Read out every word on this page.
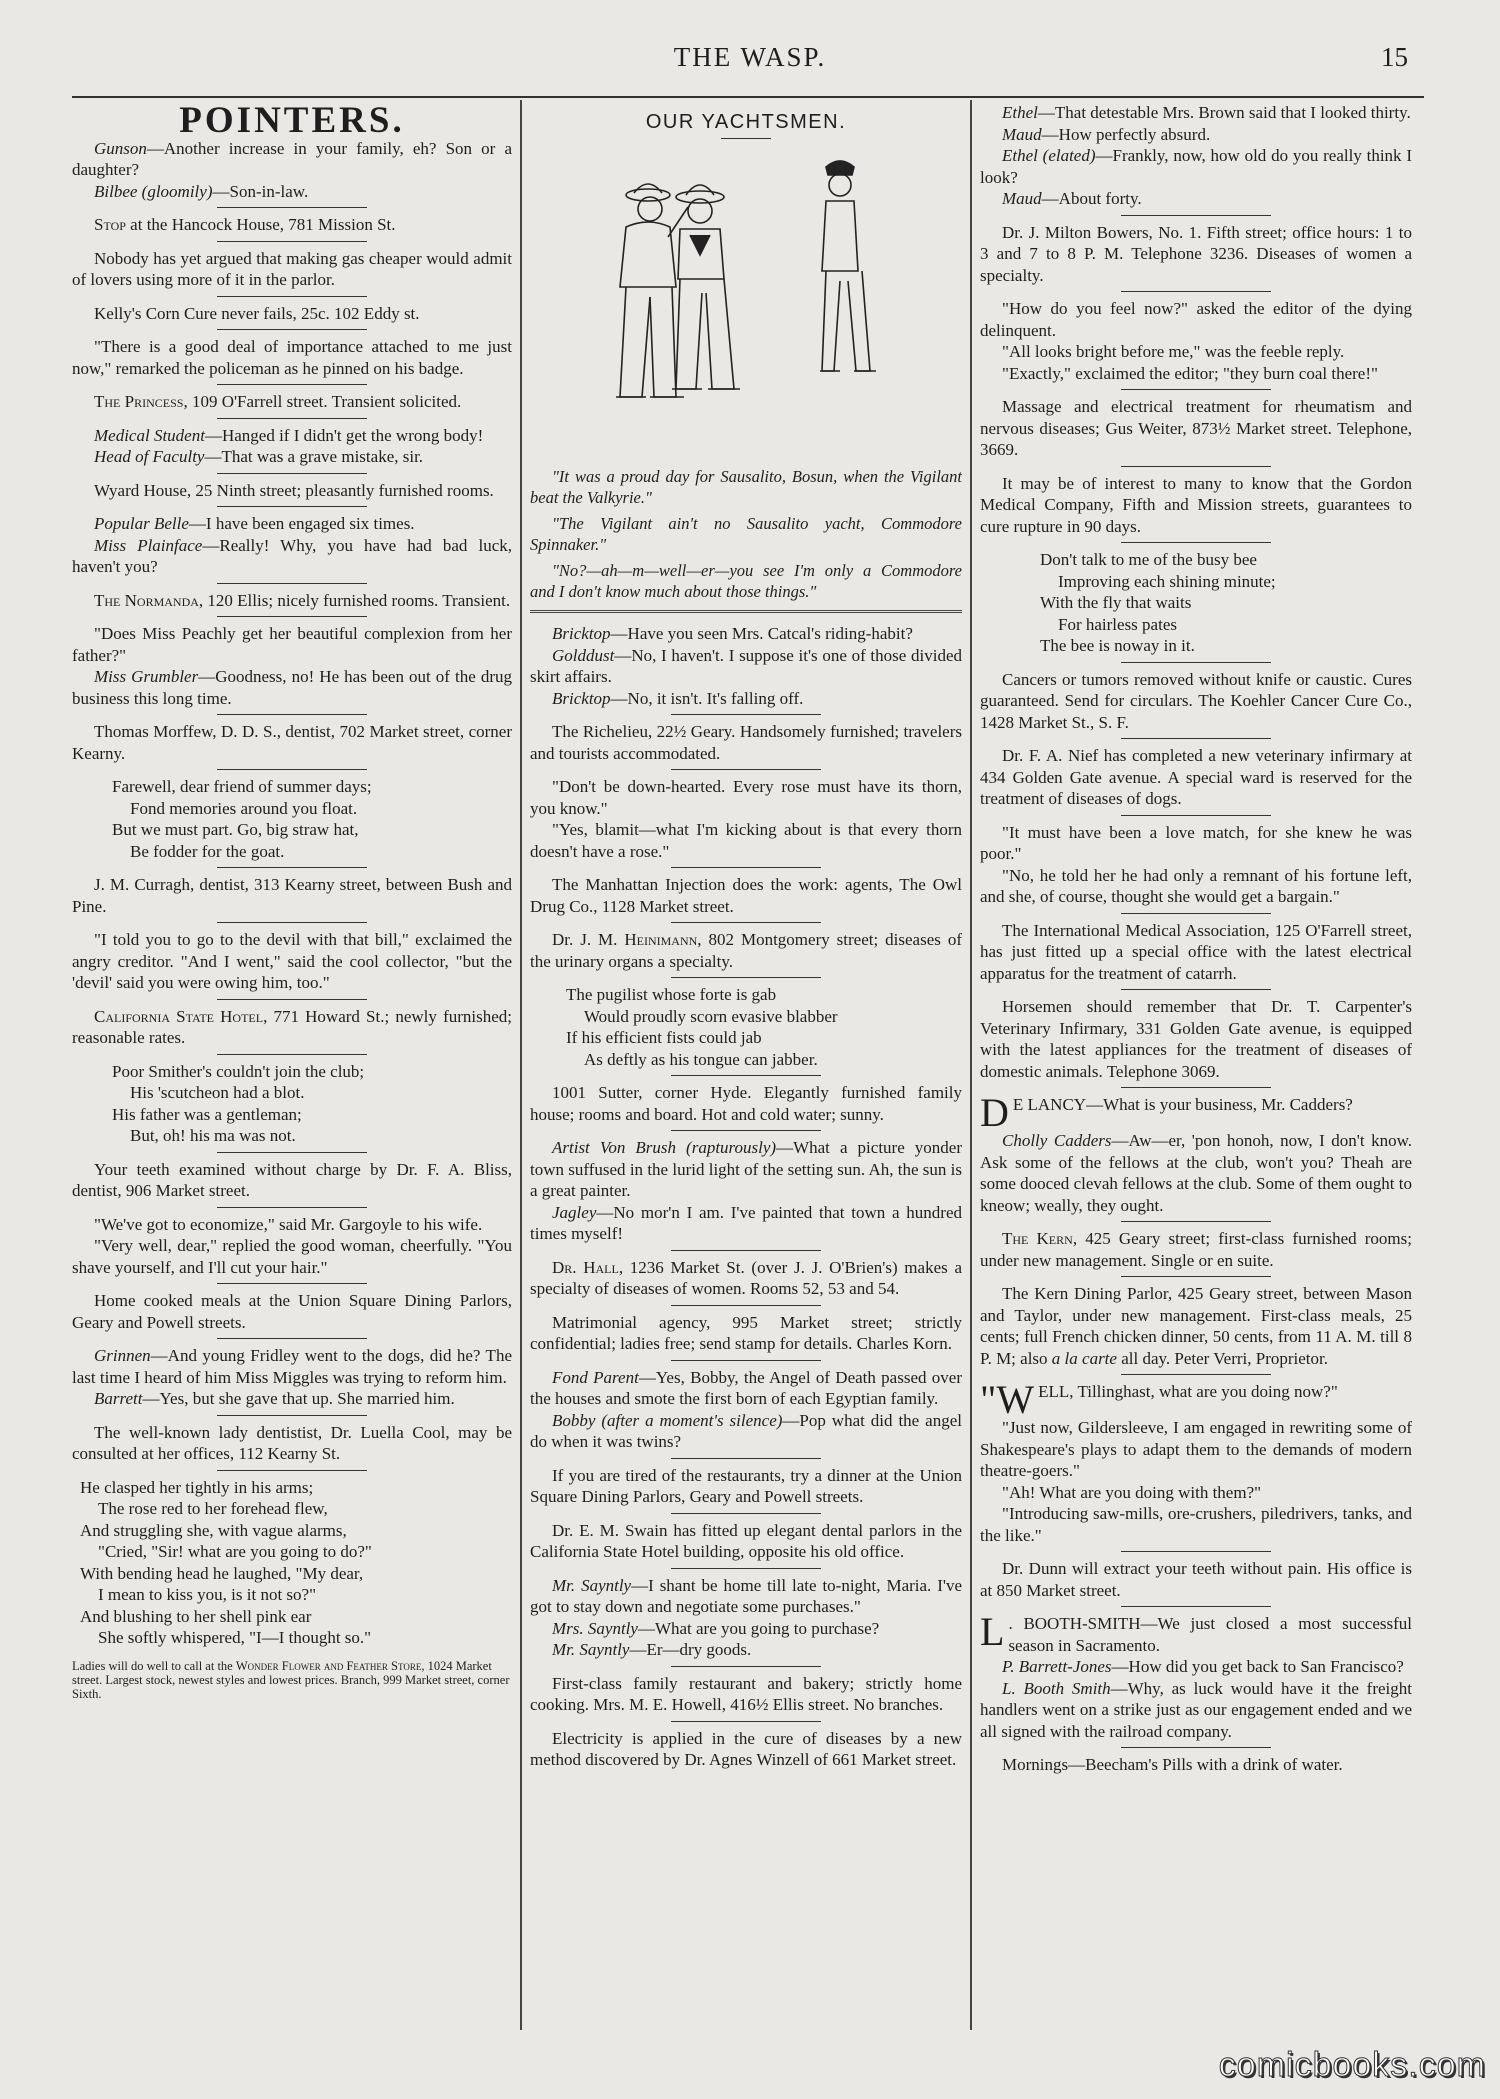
THE WASP.	15
POINTERS.

Gunson—Another increase in your family, eh? Son or a daughter?

Bilbee (gloomily)—Son-in-law.

Stop at the Hancock House, 781 Mission St.

Nobody has yet argued that making gas cheaper would admit of lovers using more of it in the parlor.

Kelly's Corn Cure never fails, 25c. 102 Eddy st.

"There is a good deal of importance attached to me just now," remarked the policeman as he pinned on his badge.

The Princess, 109 O'Farrell street. Transient solicited.

Medical Student—Hanged if I didn't get the wrong body!

Head of Faculty—That was a grave mistake, sir.

Wyard House, 25 Ninth street; pleasantly furnished rooms.

Popular Belle—I have been engaged six times.

Miss Plainface—Really! Why, you have had bad luck, haven't you?

The Normanda, 120 Ellis; nicely furnished rooms. Transient.

"Does Miss Peachly get her beautiful complexion from her father?"

Miss Grumbler—Goodness, no! He has been out of the drug business this long time.

Thomas Morffew, D. D. S., dentist, 702 Market street, corner Kearny.

Farewell, dear friend of summer days;
Fond memories around you float.
But we must part. Go, big straw hat,
Be fodder for the goat.

J. M. Curragh, dentist, 313 Kearny street, between Bush and Pine.

"I told you to go to the devil with that bill," exclaimed the angry creditor. "And I went," said the cool collector, "but the 'devil' said you were owing him, too."

California State Hotel, 771 Howard St.; newly furnished; reasonable rates.

Poor Smither's couldn't join the club;
His 'scutcheon had a blot.
His father was a gentleman;
But, oh! his ma was not.

Your teeth examined without charge by Dr. F. A. Bliss, dentist, 906 Market street.

"We've got to economize," said Mr. Gargoyle to his wife.

"Very well, dear," replied the good woman, cheerfully. "You shave yourself, and I'll cut your hair."

Home cooked meals at the Union Square Dining Parlors, Geary and Powell streets.

Grinnen—And young Fridley went to the dogs, did he? The last time I heard of him Miss Miggles was trying to reform him.

Barrett—Yes, but she gave that up. She married him.

The well-known lady dentistist, Dr. Luella Cool, may be consulted at her offices, 112 Kearny St.

He clasped her tightly in his arms;
The rose red to her forehead flew,
And struggling she, with vague alarms,
"Cried, "Sir! what are you going to do?"
With bending head he laughed, "My dear,
I mean to kiss you, is it not so?"
And blushing to her shell pink ear
She softly whispered, "I—I thought so."
Ladies will do well to call at the Wonder Flower and Feather Store, 1024 Market street. Largest stock, newest styles and lowest prices. Branch, 999 Market street, corner Sixth.
OUR YACHTSMEN.

"It was a proud day for Sausalito, Bosun, when the Vigilant beat the Valkyrie."

"The Vigilant ain't no Sausalito yacht, Commodore Spinnaker."

"No?—ah—m—well—er—you see I'm only a Commodore and I don't know much about those things."

Bricktop—Have you seen Mrs. Catcal's riding-habit?

Golddust—No, I haven't. I suppose it's one of those divided skirt affairs.

Bricktop—No, it isn't. It's falling off.

The Richelieu, 22½ Geary. Handsomely furnished; travelers and tourists accommodated.

"Don't be down-hearted. Every rose must have its thorn, you know."

"Yes, blamit—what I'm kicking about is that every thorn doesn't have a rose."

The Manhattan Injection does the work: agents, The Owl Drug Co., 1128 Market street.

Dr. J. M. Heinimann, 802 Montgomery street; diseases of the urinary organs a specialty.

The pugilist whose forte is gab
Would proudly scorn evasive blabber
If his efficient fists could jab
As deftly as his tongue can jabber.

1001 Sutter, corner Hyde. Elegantly furnished family house; rooms and board. Hot and cold water; sunny.

Artist Von Brush (rapturously)—What a picture yonder town suffused in the lurid light of the setting sun. Ah, the sun is a great painter.

Jagley—No mor'n I am. I've painted that town a hundred times myself!

Dr. Hall, 1236 Market St. (over J. J. O'Brien's) makes a specialty of diseases of women. Rooms 52, 53 and 54.

Matrimonial agency, 995 Market street; strictly confidential; ladies free; send stamp for details. Charles Korn.

Fond Parent—Yes, Bobby, the Angel of Death passed over the houses and smote the first born of each Egyptian family.

Bobby (after a moment's silence)—Pop what did the angel do when it was twins?

If you are tired of the restaurants, try a dinner at the Union Square Dining Parlors, Geary and Powell streets.

Dr. E. M. Swain has fitted up elegant dental parlors in the California State Hotel building, opposite his old office.

Mr. Sayntly—I shant be home till late to-night, Maria. I've got to stay down and negotiate some purchases."

Mrs. Sayntly—What are you going to purchase?

Mr. Sayntly—Er—dry goods.

First-class family restaurant and bakery; strictly home cooking. Mrs. M. E. Howell, 416½ Ellis street. No branches.

Electricity is applied in the cure of diseases by a new method discovered by Dr. Agnes Winzell of 661 Market street.

Ethel—That detestable Mrs. Brown said that I looked thirty.

Maud—How perfectly absurd.

Ethel (elated)—Frankly, now, how old do you really think I look?

Maud—About forty.

Dr. J. Milton Bowers, No. 1. Fifth street; office hours: 1 to 3 and 7 to 8 P. M. Telephone 3236. Diseases of women a specialty.

"How do you feel now?" asked the editor of the dying delinquent.

"All looks bright before me," was the feeble reply.

"Exactly," exclaimed the editor; "they burn coal there!"

Massage and electrical treatment for rheumatism and nervous diseases; Gus Weiter, 873½ Market street. Telephone, 3669.

It may be of interest to many to know that the Gordon Medical Company, Fifth and Mission streets, guarantees to cure rupture in 90 days.

Don't talk to me of the busy bee
Improving each shining minute;
With the fly that waits
For hairless pates
The bee is noway in it.

Cancers or tumors removed without knife or caustic. Cures guaranteed. Send for circulars. The Koehler Cancer Cure Co., 1428 Market St., S. F.

Dr. F. A. Nief has completed a new veterinary infirmary at 434 Golden Gate avenue. A special ward is reserved for the treatment of diseases of dogs.

"It must have been a love match, for she knew he was poor."

"No, he told her he had only a remnant of his fortune left, and she, of course, thought she would get a bargain."

The International Medical Association, 125 O'Farrell street, has just fitted up a special office with the latest electrical apparatus for the treatment of catarrh.

Horsemen should remember that Dr. T. Carpenter's Veterinary Infirmary, 331 Golden Gate avenue, is equipped with the latest appliances for the treatment of diseases of domestic animals. Telephone 3069.

D E LANCY—What is your business, Mr. Cadders?

Cholly Cadders—Aw—er, 'pon honoh, now, I don't know. Ask some of the fellows at the club, won't you? Theah are some dooced clevah fellows at the club. Some of them ought to kneow; weally, they ought.

The Kern, 425 Geary street; first-class furnished rooms; under new management. Single or en suite.

The Kern Dining Parlor, 425 Geary street, between Mason and Taylor, under new management. First-class meals, 25 cents; full French chicken dinner, 50 cents, from 11 A. M. till 8 P. M; also a la carte all day. Peter Verri, Proprietor.

"W ELL, Tillinghast, what are you doing now?"

"Just now, Gildersleeve, I am engaged in rewriting some of Shakespeare's plays to adapt them to the demands of modern theatre-goers."

"Ah! What are you doing with them?"

"Introducing saw-mills, ore-crushers, piledrivers, tanks, and the like."

Dr. Dunn will extract your teeth without pain. His office is at 850 Market street.

L . BOOTH-SMITH—We just closed a most successful season in Sacramento.

P. Barrett-Jones—How did you get back to San Francisco?

L. Booth Smith—Why, as luck would have it the freight handlers went on a strike just as our engagement ended and we all signed with the railroad company.

Mornings—Beecham's Pills with a drink of water.

comicbooks.com
